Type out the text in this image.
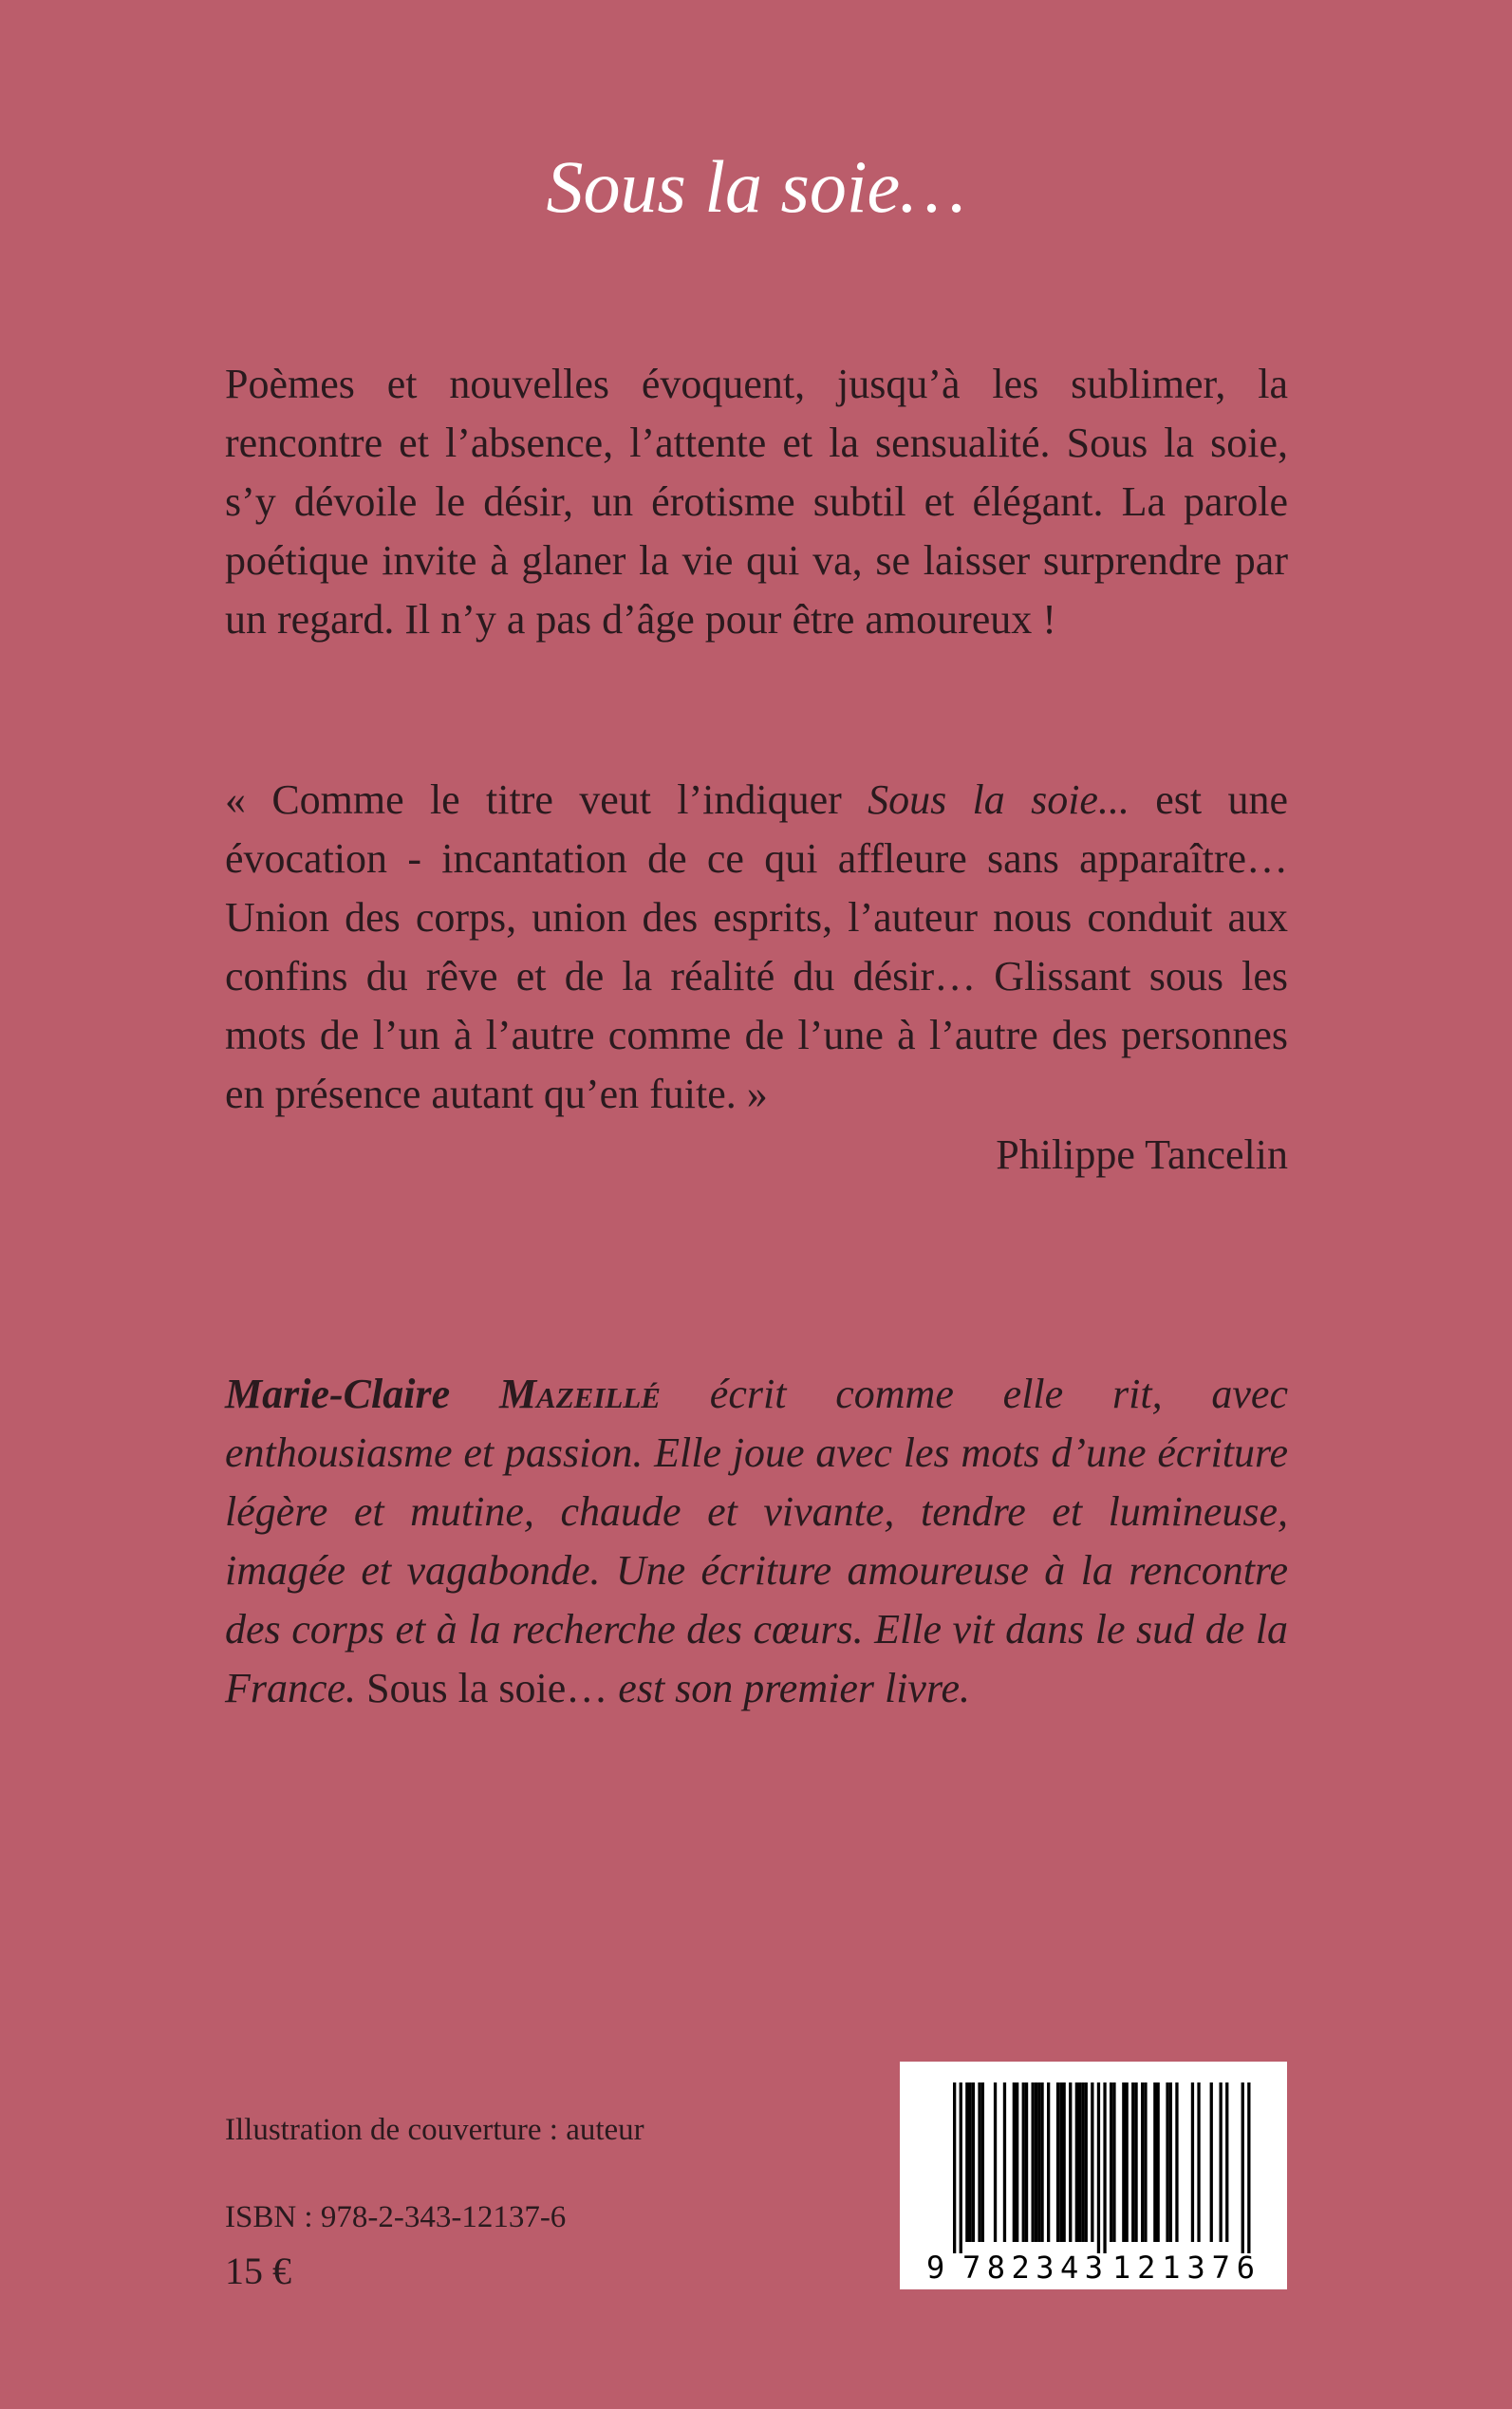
Sous la soie…

Poèmes et nouvelles évoquent, jusqu’à les sublimer, la rencontre et l’absence, l’attente et la sensualité. Sous la soie, s’y dévoile le désir, un érotisme subtil et élégant. La parole poétique invite à glaner la vie qui va, se laisser surprendre par un regard. Il n’y a pas d’âge pour être amoureux !

« Comme le titre veut l’indiquer Sous la soie... est une évocation - incantation de ce qui affleure sans apparaître… Union des corps, union des esprits, l’auteur nous conduit aux confins du rêve et de la réalité du désir… Glissant sous les mots de l’un à l’autre comme de l’une à l’autre des personnes en présence autant qu’en fuite. »

Philippe Tancelin

Marie-Claire Mazeillé écrit comme elle rit, avec enthousiasme et passion. Elle joue avec les mots d’une écriture légère et mutine, chaude et vivante, tendre et lumineuse, imagée et vagabonde. Une écriture amoureuse à la rencontre des corps et à la recherche des cœurs. Elle vit dans le sud de la France. Sous la soie… est son premier livre.

Illustration de couverture : auteur
ISBN : 978-2-343-12137-6
15 €	9 782343 121376
